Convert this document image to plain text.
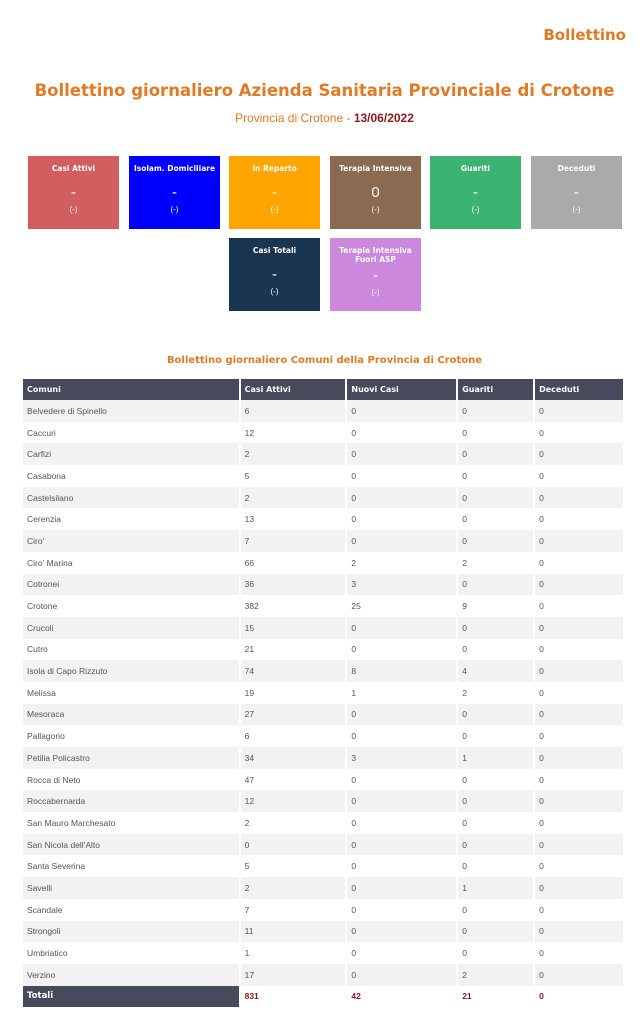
Bollettino
Bollettino giornaliero Azienda Sanitaria Provinciale di Crotone
Provincia di Crotone - 13/06/2022
Casi Attivi
-
(-)
Isolam. Domiciliare
-
(-)
In Reparto
-
(-)
Terapia Intensiva
0
(-)
Guariti
-
(-)
Deceduti
-
(-)
Casi Totali
-
(-)
Terapia Intensiva Fuori ASP
-
(-)
Bollettino giornaliero Comuni della Provincia di Crotone
Comuni	Casi Attivi	Nuovi Casi	Guariti	Deceduti
Belvedere di Spinello	6	0	0	0
Caccuri	12	0	0	0
Carfizi	2	0	0	0
Casabona	5	0	0	0
Castelsilano	2	0	0	0
Cerenzia	13	0	0	0
Ciro'	7	0	0	0
Ciro' Marina	66	2	2	0
Cotronei	36	3	0	0
Crotone	382	25	9	0
Crucoli	15	0	0	0
Cutro	21	0	0	0
Isola di Capo Rizzuto	74	8	4	0
Melissa	19	1	2	0
Mesoraca	27	0	0	0
Pallagorio	6	0	0	0
Petilia Policastro	34	3	1	0
Rocca di Neto	47	0	0	0
Roccabernarda	12	0	0	0
San Mauro Marchesato	2	0	0	0
San Nicola dell'Alto	0	0	0	0
Santa Severina	5	0	0	0
Savelli	2	0	1	0
Scandale	7	0	0	0
Strongoli	11	0	0	0
Umbriatico	1	0	0	0
Verzino	17	0	2	0
Totali	831	42	21	0
